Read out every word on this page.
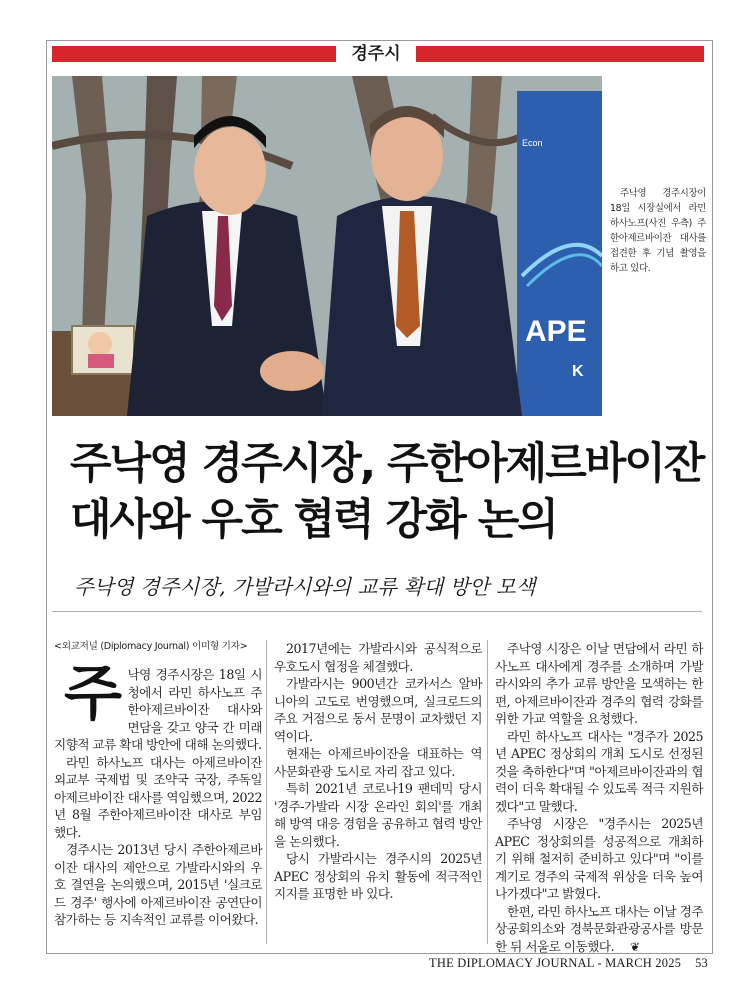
경주시
Econ
APE
K
주낙영 경주시장이 18일 시장실에서 라민 하사노프(사진 우측) 주한아제르바이잔 대사를 접견한 후 기념 촬영을 하고 있다.
주낙영 경주시장, 주한아제르바이잔
대사와 우호 협력 강화 논의
주낙영 경주시장, 가발라시와의 교류 확대 방안 모색
<외교저널 (Diplomacy Journal) 이미형 기자>

주낙영 경주시장은 18일 시청에서 라민 하사노프 주한아제르바이잔 대사와 면담을 갖고 양국 간 미래지향적 교류 확대 방안에 대해 논의했다.

라민 하사노프 대사는 아제르바이잔 외교부 국제법 및 조약국 국장, 주독일 아제르바이잔 대사를 역임했으며, 2022년 8월 주한아제르바이잔 대사로 부임했다.

경주시는 2013년 당시 주한아제르바이잔 대사의 제안으로 가발라시와의 우호 결연을 논의했으며, 2015년 '실크로드 경주' 행사에 아제르바이잔 공연단이 참가하는 등 지속적인 교류를 이어왔다.

2017년에는 가발라시와 공식적으로 우호도시 협정을 체결했다.

가발라시는 900년간 코카서스 알바니아의 고도로 번영했으며, 실크로드의 주요 거점으로 동서 문명이 교차했던 지역이다.

현재는 아제르바이잔을 대표하는 역사문화관광 도시로 자리 잡고 있다.

특히 2021년 코로나19 팬데믹 당시 '경주-가발라 시장 온라인 회의'를 개최해 방역 대응 경험을 공유하고 협력 방안을 논의했다.

당시 가발라시는 경주시의 2025년 APEC 정상회의 유치 활동에 적극적인 지지를 표명한 바 있다.

주낙영 시장은 이날 면담에서 라민 하사노프 대사에게 경주를 소개하며 가발라시와의 추가 교류 방안을 모색하는 한편, 아제르바이잔과 경주의 협력 강화를 위한 가교 역할을 요청했다.

라민 하사노프 대사는 "경주가 2025년 APEC 정상회의 개최 도시로 선정된 것을 축하한다"며 "아제르바이잔과의 협력이 더욱 확대될 수 있도록 적극 지원하겠다"고 말했다.

주낙영 시장은 "경주시는 2025년 APEC 정상회의를 성공적으로 개최하기 위해 철저히 준비하고 있다"며 "이를 계기로 경주의 국제적 위상을 더욱 높여 나가겠다"고 밝혔다.

한편, 라민 하사노프 대사는 이날 경주상공회의소와 경북문화관광공사를 방문한 뒤 서울로 이동했다. ❦

THE DIPLOMACY JOURNAL - MARCH 2025 53
